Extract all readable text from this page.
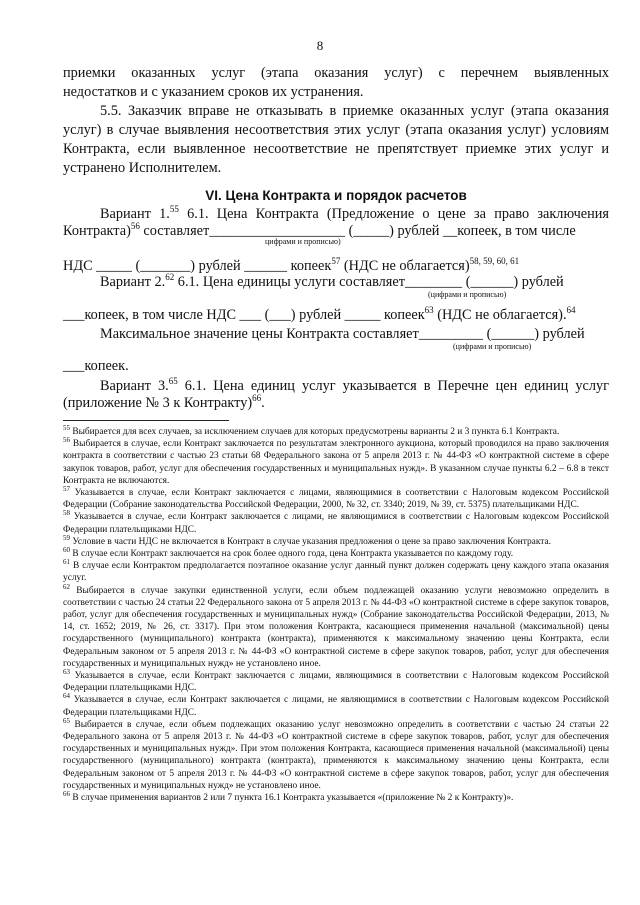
8

приемки оказанных услуг (этапа оказания услуг) с перечнем выявленных

недостатков и с указанием сроков их устранения.

5.5. Заказчик вправе не отказывать в приемке оказанных услуг (этапа оказания услуг) в случае выявления несоответствия этих услуг (этапа оказания услуг) условиям Контракта, если выявленное несоответствие не препятствует приемке этих услуг и устранено Исполнителем.

VI. Цена Контракта и порядок расчетов
Вариант 1.55 6.1. Цена Контракта (Предложение о цене за право заключения
Контракта)$^{56}$ составляет___________________ (_____) рублей __копеек, в том числе
цифрами и прописью)
НДС _____ (_______) рублей ______ копеек$^{57}$ (НДС не облагается)$^{58, 59, 60, 61}$
Вариант 2.62 6.1. Цена единицы услуги составляет________ (______) рублей
(цифрами и прописью)
___копеек, в том числе НДС ___ (___) рублей _____ копеек$^{63}$ (НДС не облагается).$^{64}$
Максимальное значение цены Контракта составляет_________ (______) рублей
(цифрами и прописью)
___копеек.
Вариант 3.65 6.1. Цена единиц услуг указывается в Перечне цен единиц услуг
(приложение № 3 к Контракту)$^{66}$.

$^{55}$ Выбирается для всех случаев, за исключением случаев для которых предусмотрены варианты 2 и 3 пункта 6.1 Контракта.

$^{56}$ Выбирается в случае, если Контракт заключается по результатам электронного аукциона, который проводился на право заключения контракта в соответствии с частью 23 статьи 68 Федерального закона от 5 апреля 2013 г. № 44-ФЗ «О контрактной системе в сфере закупок товаров, работ, услуг для обеспечения государственных и муниципальных нужд». В указанном случае пункты 6.2 – 6.8 в текст Контракта не включаются.

$^{57}$ Указывается в случае, если Контракт заключается с лицами, являющимися в соответствии с Налоговым кодексом Российской Федерации (Собрание законодательства Российской Федерации, 2000, № 32, ст. 3340; 2019, № 39, ст. 5375) плательщиками НДС.

$^{58}$ Указывается в случае, если Контракт заключается с лицами, не являющимися в соответствии с Налоговым кодексом Российской Федерации плательщиками НДС.

$^{59}$ Условие в части НДС не включается в Контракт в случае указания предложения о цене за право заключения Контракта.

$^{60}$ В случае если Контракт заключается на срок более одного года, цена Контракта указывается по каждому году.

$^{61}$ В случае если Контрактом предполагается поэтапное оказание услуг данный пункт должен содержать цену каждого этапа оказания услуг.

$^{62}$ Выбирается в случае закупки единственной услуги, если объем подлежащей оказанию услуги невозможно определить в соответствии с частью 24 статьи 22 Федерального закона от 5 апреля 2013 г. № 44-ФЗ «О контрактной системе в сфере закупок товаров, работ, услуг для обеспечения государственных и муниципальных нужд» (Собрание законодательства Российской Федерации, 2013, № 14, ст. 1652; 2019, № 26, ст. 3317). При этом положения Контракта, касающиеся применения начальной (максимальной) цены государственного (муниципального) контракта (контракта), применяются к максимальному значению цены Контракта, если Федеральным законом от 5 апреля 2013 г. № 44-ФЗ «О контрактной системе в сфере закупок товаров, работ, услуг для обеспечения государственных и муниципальных нужд» не установлено иное.

$^{63}$ Указывается в случае, если Контракт заключается с лицами, являющимися в соответствии с Налоговым кодексом Российской Федерации плательщиками НДС.

$^{64}$ Указывается в случае, если Контракт заключается с лицами, не являющимися в соответствии с Налоговым кодексом Российской Федерации плательщиками НДС.

$^{65}$ Выбирается в случае, если объем подлежащих оказанию услуг невозможно определить в соответствии с частью 24 статьи 22 Федерального закона от 5 апреля 2013 г. № 44-ФЗ «О контрактной системе в сфере закупок товаров, работ, услуг для обеспечения государственных и муниципальных нужд». При этом положения Контракта, касающиеся применения начальной (максимальной) цены государственного (муниципального) контракта (контракта), применяются к максимальному значению цены Контракта, если Федеральным законом от 5 апреля 2013 г. № 44-ФЗ «О контрактной системе в сфере закупок товаров, работ, услуг для обеспечения государственных и муниципальных нужд» не установлено иное.

$^{66}$ В случае применения вариантов 2 или 7 пункта 16.1 Контракта указывается «(приложение № 2 к Контракту)».
